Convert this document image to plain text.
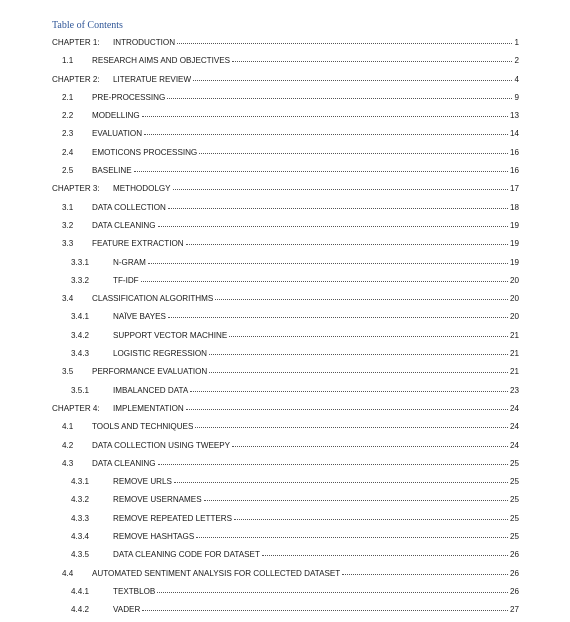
Table of Contents
CHAPTER 1:	INTRODUCTION	1
1.1	RESEARCH AIMS AND OBJECTIVES	2
CHAPTER 2:	LITERATUE REVIEW	4
2.1	PRE-PROCESSING	9
2.2	MODELLING	13
2.3	EVALUATION	14
2.4	EMOTICONS PROCESSING	16
2.5	BASELINE	16
CHAPTER 3:	METHODOLGY	17
3.1	DATA COLLECTION	18
3.2	DATA CLEANING	19
3.3	FEATURE EXTRACTION	19
3.3.1	N-GRAM	19
3.3.2	TF-IDF	20
3.4	CLASSIFICATION ALGORITHMS	20
3.4.1	NAÏVE BAYES	20
3.4.2	SUPPORT VECTOR MACHINE	21
3.4.3	LOGISTIC REGRESSION	21
3.5	PERFORMANCE EVALUATION	21
3.5.1	IMBALANCED DATA	23
CHAPTER 4:	IMPLEMENTATION	24
4.1	TOOLS AND TECHNIQUES	24
4.2	DATA COLLECTION USING TWEEPY	24
4.3	DATA CLEANING	25
4.3.1	REMOVE URLS	25
4.3.2	REMOVE USERNAMES	25
4.3.3	REMOVE REPEATED LETTERS	25
4.3.4	REMOVE HASHTAGS	25
4.3.5	DATA CLEANING CODE FOR DATASET	26
4.4	AUTOMATED SENTIMENT ANALYSIS FOR COLLECTED DATASET	26
4.4.1	TEXTBLOB	26
4.4.2	VADER	27
